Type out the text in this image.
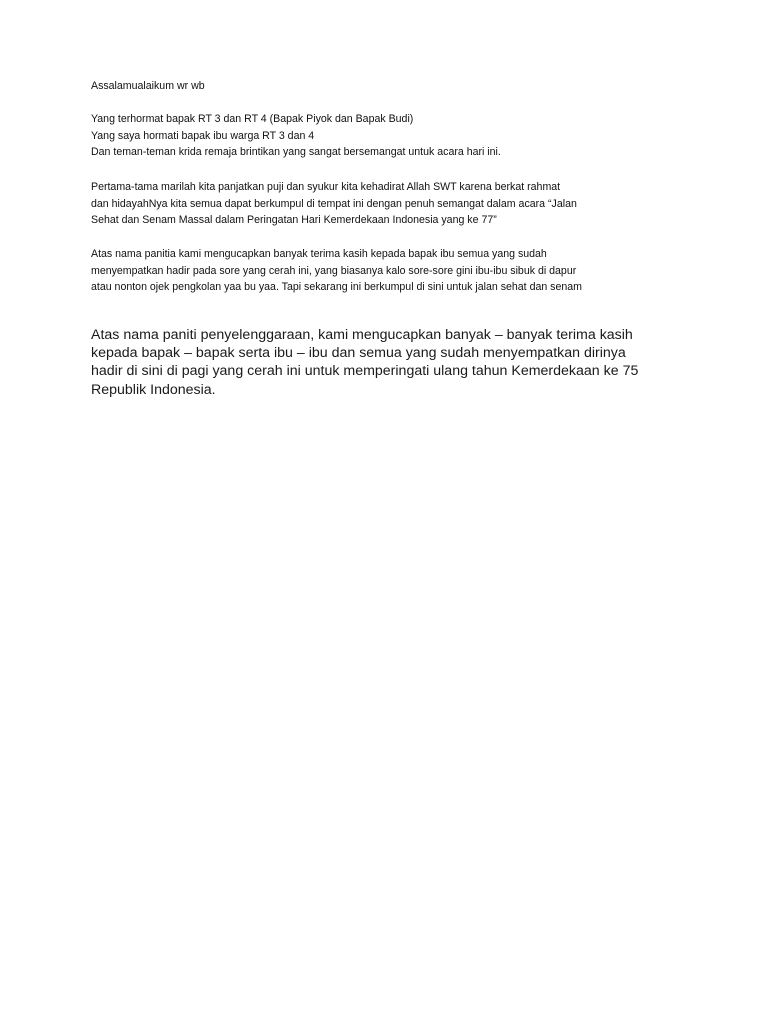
Assalamualaikum wr wb

Yang terhormat bapak RT 3 dan RT 4 (Bapak Piyok dan Bapak Budi)
Yang saya hormati bapak ibu warga RT 3 dan 4
Dan teman-teman krida remaja brintikan yang sangat bersemangat untuk acara hari ini.

Pertama-tama marilah kita panjatkan puji dan syukur kita kehadirat Allah SWT karena berkat rahmat
dan hidayahNya kita semua dapat berkumpul di tempat ini dengan penuh semangat dalam acara “Jalan
Sehat dan Senam Massal dalam Peringatan Hari Kemerdekaan Indonesia yang ke 77”

Atas nama panitia kami mengucapkan banyak terima kasih kepada bapak ibu semua yang sudah
menyempatkan hadir pada sore yang cerah ini, yang biasanya kalo sore-sore gini ibu-ibu sibuk di dapur
atau nonton ojek pengkolan yaa bu yaa. Tapi sekarang ini berkumpul di sini untuk jalan sehat dan senam

Atas nama paniti penyelenggaraan, kami mengucapkan banyak – banyak terima kasih
kepada bapak – bapak serta ibu – ibu dan semua yang sudah menyempatkan dirinya
hadir di sini di pagi yang cerah ini untuk memperingati ulang tahun Kemerdekaan ke 75
Republik Indonesia.
